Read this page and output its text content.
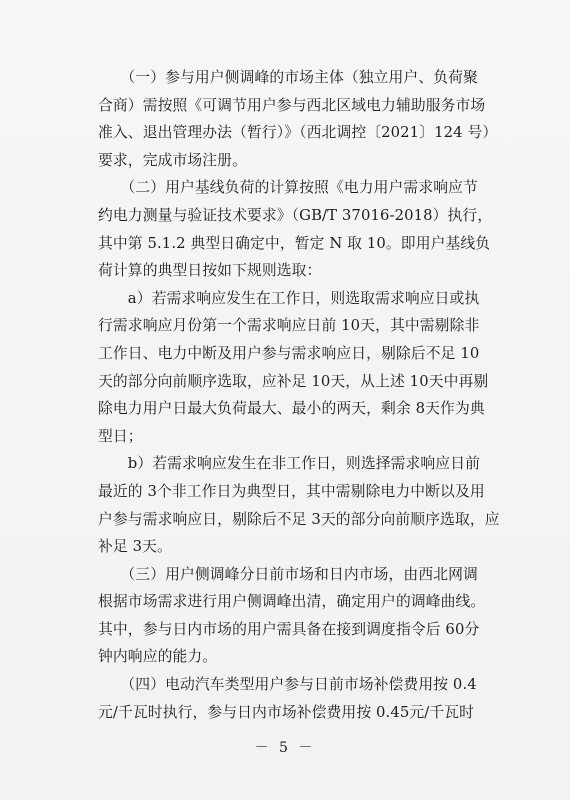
　　（一）参与用户侧调峰的市场主体（独立用户、负荷聚
合商）需按照《可调节用户参与西北区域电力辅助服务市场
准入、退出管理办法（暂行）》（西北调控〔2021〕124 号）
要求，完成市场注册。

　　（二）用户基线负荷的计算按照《电力用户需求响应节
约电力测量与验证技术要求》（GB/T 37016-2018）执行，
其中第 5.1.2 典型日确定中，暂定 N 取 10。即用户基线负
荷计算的典型日按如下规则选取：

　　a）若需求响应发生在工作日，则选取需求响应日或执
行需求响应月份第一个需求响应日前 10天，其中需剔除非
工作日、电力中断及用户参与需求响应日，剔除后不足 10
天的部分向前顺序选取，应补足 10天，从上述 10天中再剔
除电力用户日最大负荷最大、最小的两天，剩余 8天作为典
型日；

　　b）若需求响应发生在非工作日，则选择需求响应日前
最近的 3个非工作日为典型日，其中需剔除电力中断以及用
户参与需求响应日，剔除后不足 3天的部分向前顺序选取，应
补足 3天。

　　（三）用户侧调峰分日前市场和日内市场，由西北网调
根据市场需求进行用户侧调峰出清，确定用户的调峰曲线。
其中，参与日内市场的用户需具备在接到调度指令后 60分
钟内响应的能力。

　　（四）电动汽车类型用户参与日前市场补偿费用按 0.4
元/千瓦时执行，参与日内市场补偿费用按 0.45元/千瓦时

－ 5 －
